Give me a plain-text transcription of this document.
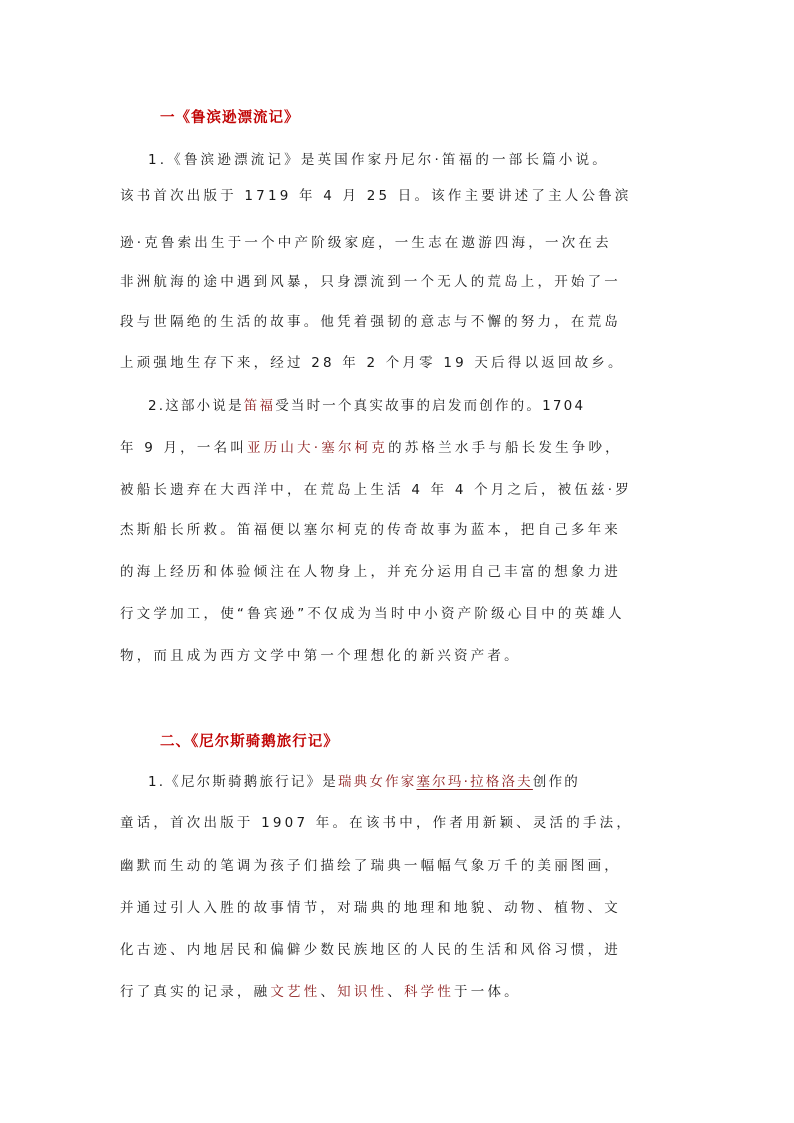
一《鲁滨逊漂流记》
1.《鲁滨逊漂流记》是英国作家丹尼尔·笛福的一部长篇小说。
该书首次出版于 1719 年 4 月 25 日。该作主要讲述了主人公鲁滨
逊·克鲁索出生于一个中产阶级家庭，一生志在遨游四海，一次在去
非洲航海的途中遇到风暴，只身漂流到一个无人的荒岛上，开始了一
段与世隔绝的生活的故事。他凭着强韧的意志与不懈的努力，在荒岛
上顽强地生存下来，经过 28 年 2 个月零 19 天后得以返回故乡。
2.这部小说是笛福受当时一个真实故事的启发而创作的。1704
年 9 月，一名叫亚历山大·塞尔柯克的苏格兰水手与船长发生争吵，
被船长遗弃在大西洋中，在荒岛上生活 4 年 4 个月之后，被伍兹·罗
杰斯船长所救。笛福便以塞尔柯克的传奇故事为蓝本，把自己多年来
的海上经历和体验倾注在人物身上，并充分运用自己丰富的想象力进
行文学加工，使“鲁宾逊”不仅成为当时中小资产阶级心目中的英雄人
物，而且成为西方文学中第一个理想化的新兴资产者。
二、《尼尔斯骑鹅旅行记》
1.《尼尔斯骑鹅旅行记》是瑞典女作家塞尔玛·拉格洛夫创作的
童话，首次出版于 1907 年。在该书中，作者用新颖、灵活的手法，
幽默而生动的笔调为孩子们描绘了瑞典一幅幅气象万千的美丽图画，
并通过引人入胜的故事情节，对瑞典的地理和地貌、动物、植物、文
化古迹、内地居民和偏僻少数民族地区的人民的生活和风俗习惯，进
行了真实的记录，融文艺性、知识性、科学性于一体。
